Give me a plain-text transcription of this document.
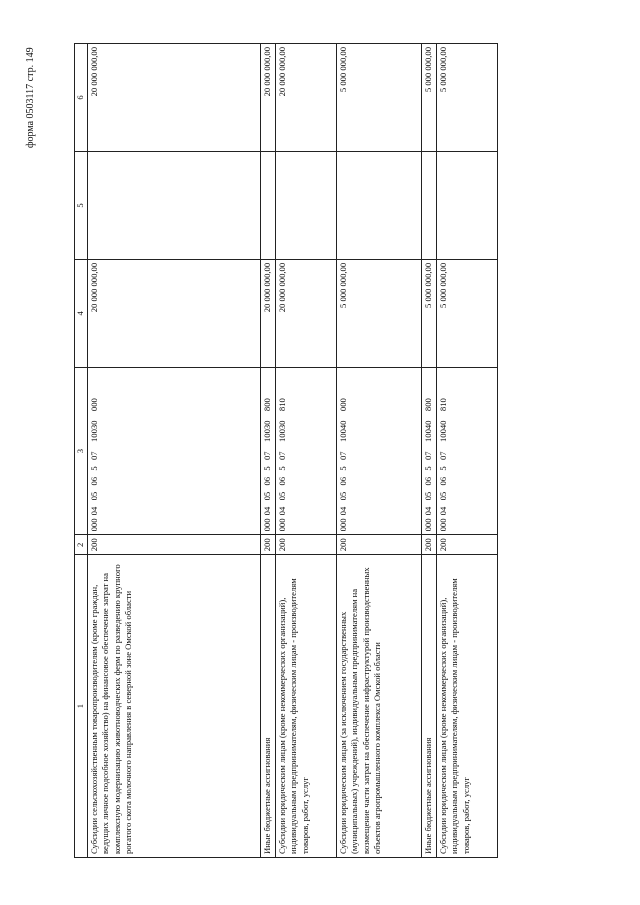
форма 0503117 стр. 149
1	2	3	4	5	6
Субсидии сельскохозяйственным товаропроизводителям (кроме граждан, ведущих личное подсобное хозяйство) на финансовое обеспечение затрат на комплексную модернизацию животноводческих ферм по разведению крупного рогатого скота молочного направления в северной зоне Омской области	200	000 04  05  06  5  07   10030   000	20 000 000,00		20 000 000,00
Иные бюджетные ассигнования	200	000 04  05  06  5  07   10030   800	20 000 000,00		20 000 000,00
Субсидии юридическим лицам (кроме некоммерческих организаций), индивидуальным предпринимателям, физическим лицам - производителям товаров, работ, услуг	200	000 04  05  06  5  07   10030   810	20 000 000,00		20 000 000,00
Субсидии юридическим лицам (за исключением государственных (муниципальных) учреждений), индивидуальным предпринимателям на возмещение части затрат на обеспечение инфраструктурой производственных объектов агропромышленного комплекса Омской области	200	000 04  05  06  5  07   10040   000	5 000 000,00		5 000 000,00
Иные бюджетные ассигнования	200	000 04  05  06  5  07   10040   800	5 000 000,00		5 000 000,00
Субсидии юридическим лицам (кроме некоммерческих организаций), индивидуальным предпринимателям, физическим лицам - производителям товаров, работ, услуг	200	000 04  05  06  5  07   10040   810	5 000 000,00		5 000 000,00
